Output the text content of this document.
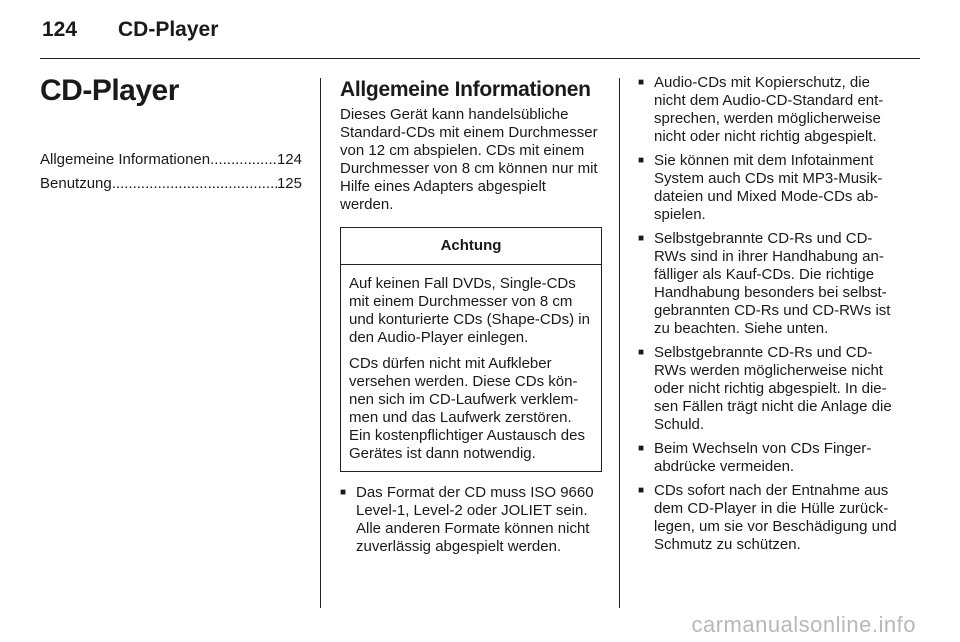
124 CD-Player
CD-Player
Allgemeine Informationen .....	124
Benutzung .....	125
Allgemeine Informationen

Dieses Gerät kann handelsübliche Standard-CDs mit einem Durchmesser von 12 cm abspielen. CDs mit einem Durchmesser von 8 cm können nur mit Hilfe eines Adapters abgespielt werden.

Achtung

Auf keinen Fall DVDs, Single-CDs mit einem Durchmesser von 8 cm und konturierte CDs (Shape-CDs) in den Audio-Player einlegen.

CDs dürfen nicht mit Aufkleber versehen werden. Diese CDs können sich im CD-Laufwerk verklemmen und das Laufwerk zerstören. Ein kostenpflichtiger Austausch des Gerätes ist dann notwendig.

■ Das Format der CD muss ISO 9660 Level-1, Level-2 oder JOLIET sein. Alle anderen Formate können nicht zuverlässig abgespielt werden.
■ Audio-CDs mit Kopierschutz, die nicht dem Audio-CD-Standard entsprechen, werden möglicherweise nicht oder nicht richtig abgespielt.
■ Sie können mit dem Infotainment System auch CDs mit MP3-Musikdateien und Mixed Mode-CDs abspielen.
■ Selbstgebrannte CD-Rs und CD-RWs sind in ihrer Handhabung anfälliger als Kauf-CDs. Die richtige Handhabung besonders bei selbstgebrannten CD-Rs und CD-RWs ist zu beachten. Siehe unten.
■ Selbstgebrannte CD-Rs und CD-RWs werden möglicherweise nicht oder nicht richtig abgespielt. In diesen Fällen trägt nicht die Anlage die Schuld.
■ Beim Wechseln von CDs Fingerabdrücke vermeiden.
■ CDs sofort nach der Entnahme aus dem CD-Player in die Hülle zurücklegen, um sie vor Beschädigung und Schmutz zu schützen.
carmanualsonline.info
